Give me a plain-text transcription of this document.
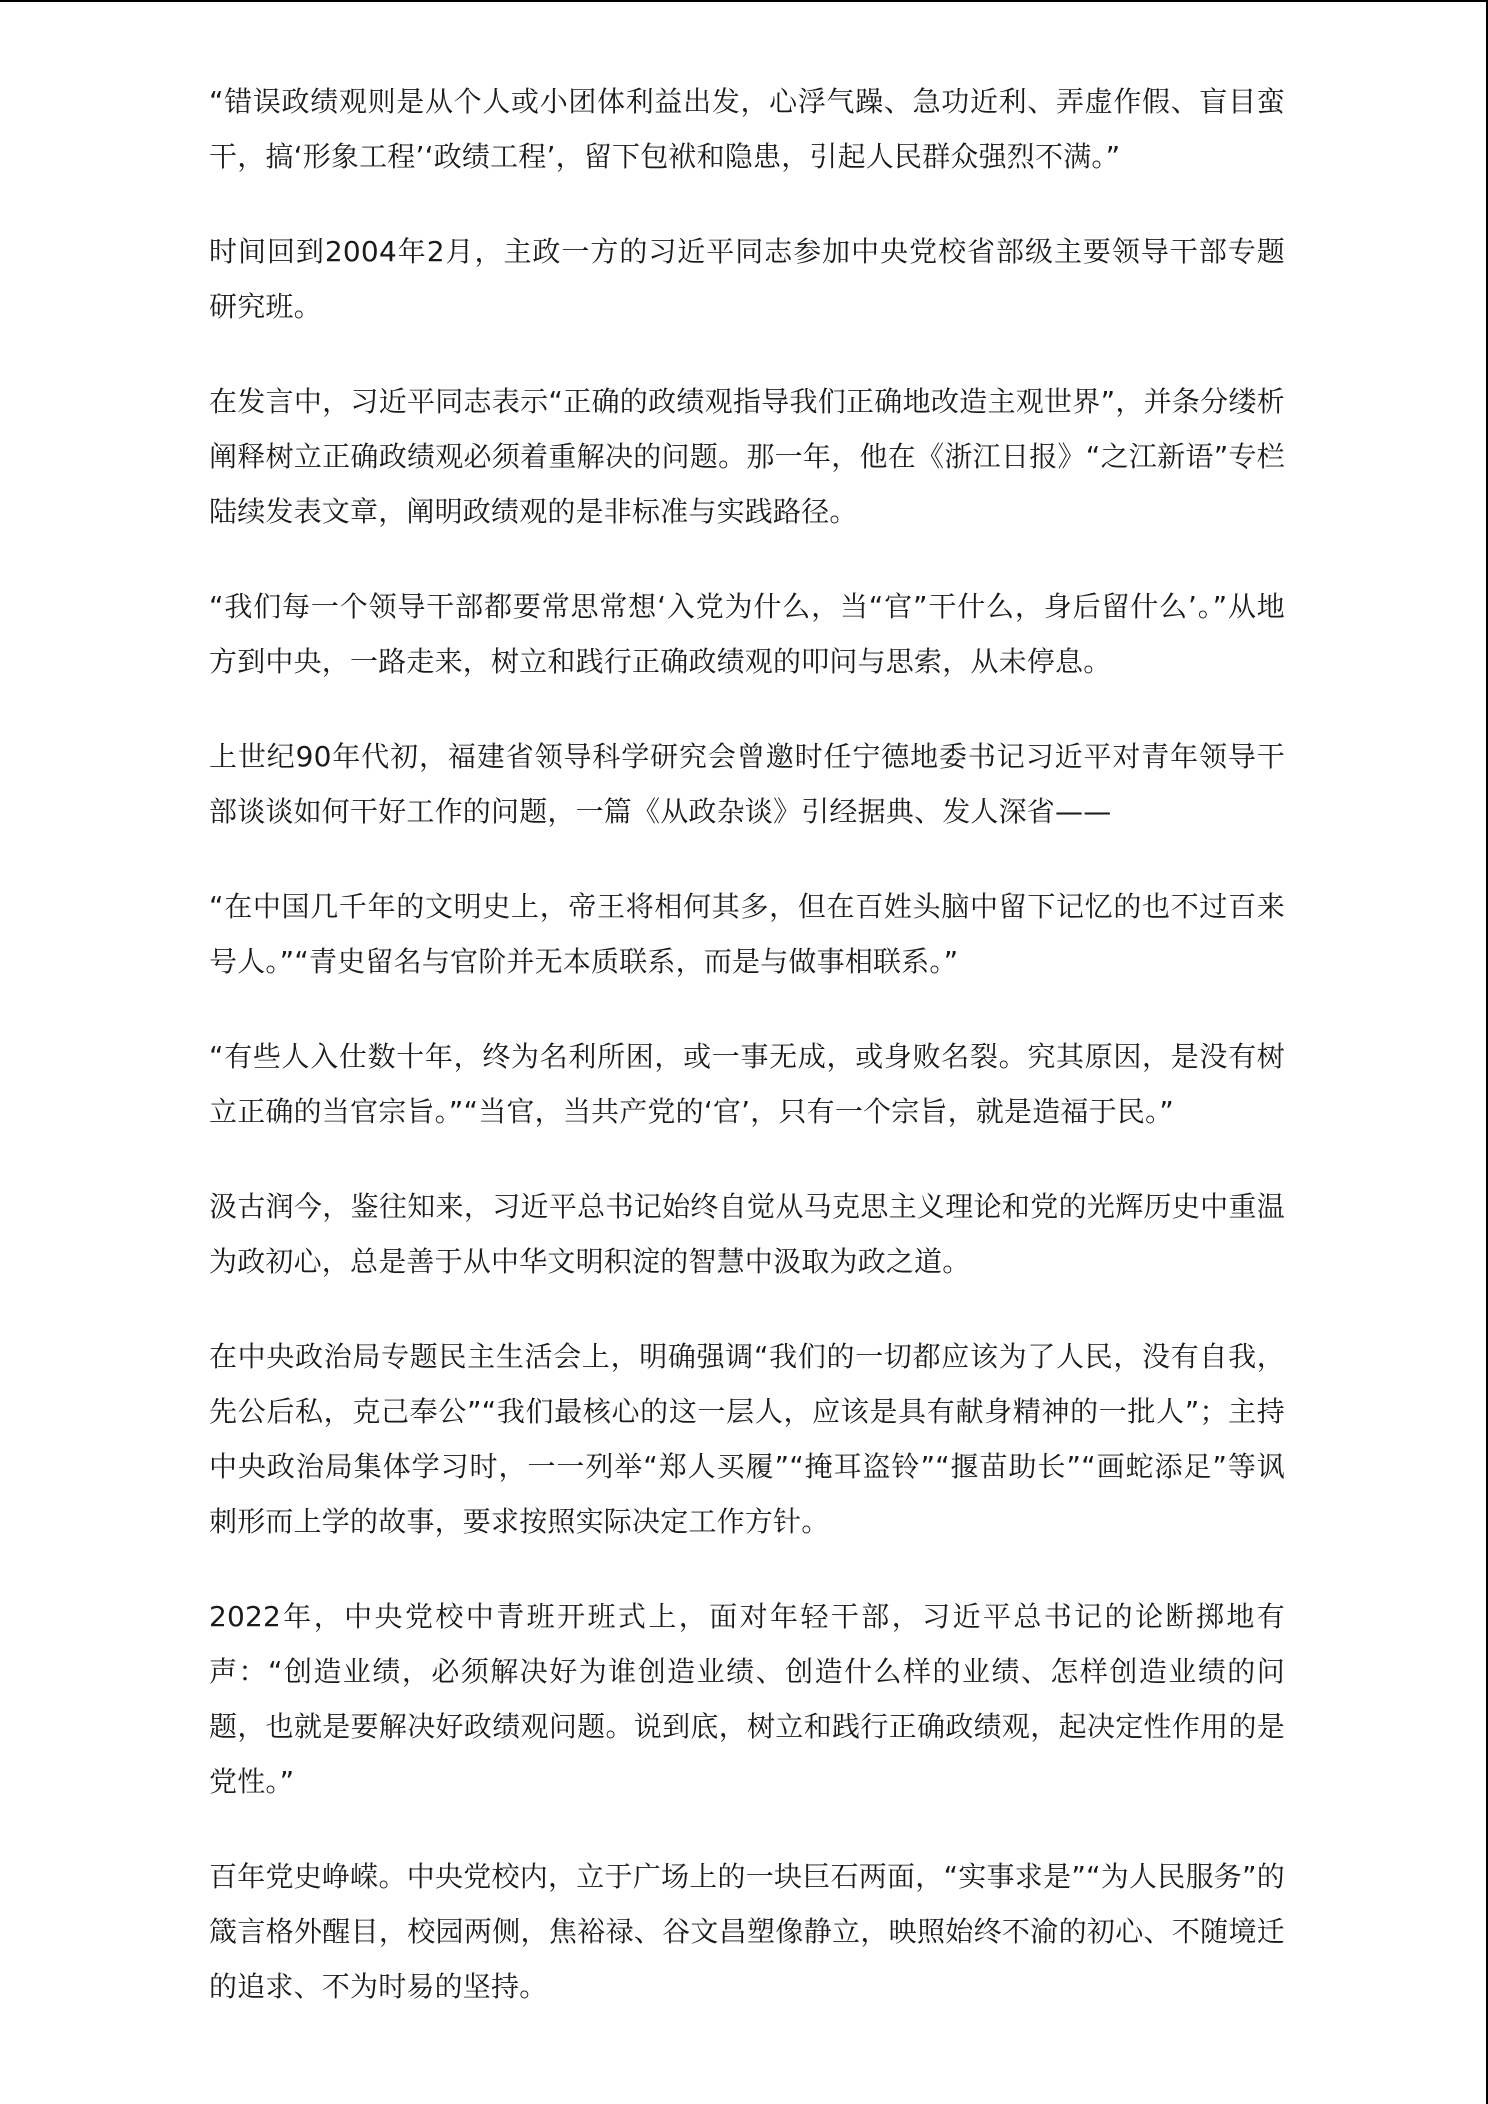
“错误政绩观则是从个人或小团体利益出发，心浮气躁、急功近利、弄虚作假、盲目蛮干，搞‘形象工程’‘政绩工程’，留下包袱和隐患，引起人民群众强烈不满。”

时间回到2004年2月，主政一方的习近平同志参加中央党校省部级主要领导干部专题研究班。

在发言中，习近平同志表示“正确的政绩观指导我们正确地改造主观世界”，并条分缕析阐释树立正确政绩观必须着重解决的问题。那一年，他在《浙江日报》“之江新语”专栏陆续发表文章，阐明政绩观的是非标准与实践路径。

“我们每一个领导干部都要常思常想‘入党为什么，当“官”干什么，身后留什么’。”从地方到中央，一路走来，树立和践行正确政绩观的叩问与思索，从未停息。

上世纪90年代初，福建省领导科学研究会曾邀时任宁德地委书记习近平对青年领导干部谈谈如何干好工作的问题，一篇《从政杂谈》引经据典、发人深省——

“在中国几千年的文明史上，帝王将相何其多，但在百姓头脑中留下记忆的也不过百来号人。”“青史留名与官阶并无本质联系，而是与做事相联系。”

“有些人入仕数十年，终为名利所困，或一事无成，或身败名裂。究其原因，是没有树立正确的当官宗旨。”“当官，当共产党的‘官’，只有一个宗旨，就是造福于民。”

汲古润今，鉴往知来，习近平总书记始终自觉从马克思主义理论和党的光辉历史中重温为政初心，总是善于从中华文明积淀的智慧中汲取为政之道。

在中央政治局专题民主生活会上，明确强调“我们的一切都应该为了人民，没有自我，先公后私，克己奉公”“我们最核心的这一层人，应该是具有献身精神的一批人”；主持中央政治局集体学习时，一一列举“郑人买履”“掩耳盗铃”“揠苗助长”“画蛇添足”等讽刺形而上学的故事，要求按照实际决定工作方针。

2022年，中央党校中青班开班式上，面对年轻干部，习近平总书记的论断掷地有声：“创造业绩，必须解决好为谁创造业绩、创造什么样的业绩、怎样创造业绩的问题，也就是要解决好政绩观问题。说到底，树立和践行正确政绩观，起决定性作用的是党性。”

百年党史峥嵘。中央党校内，立于广场上的一块巨石两面，“实事求是”“为人民服务”的箴言格外醒目，校园两侧，焦裕禄、谷文昌塑像静立，映照始终不渝的初心、不随境迁的追求、不为时易的坚持。
